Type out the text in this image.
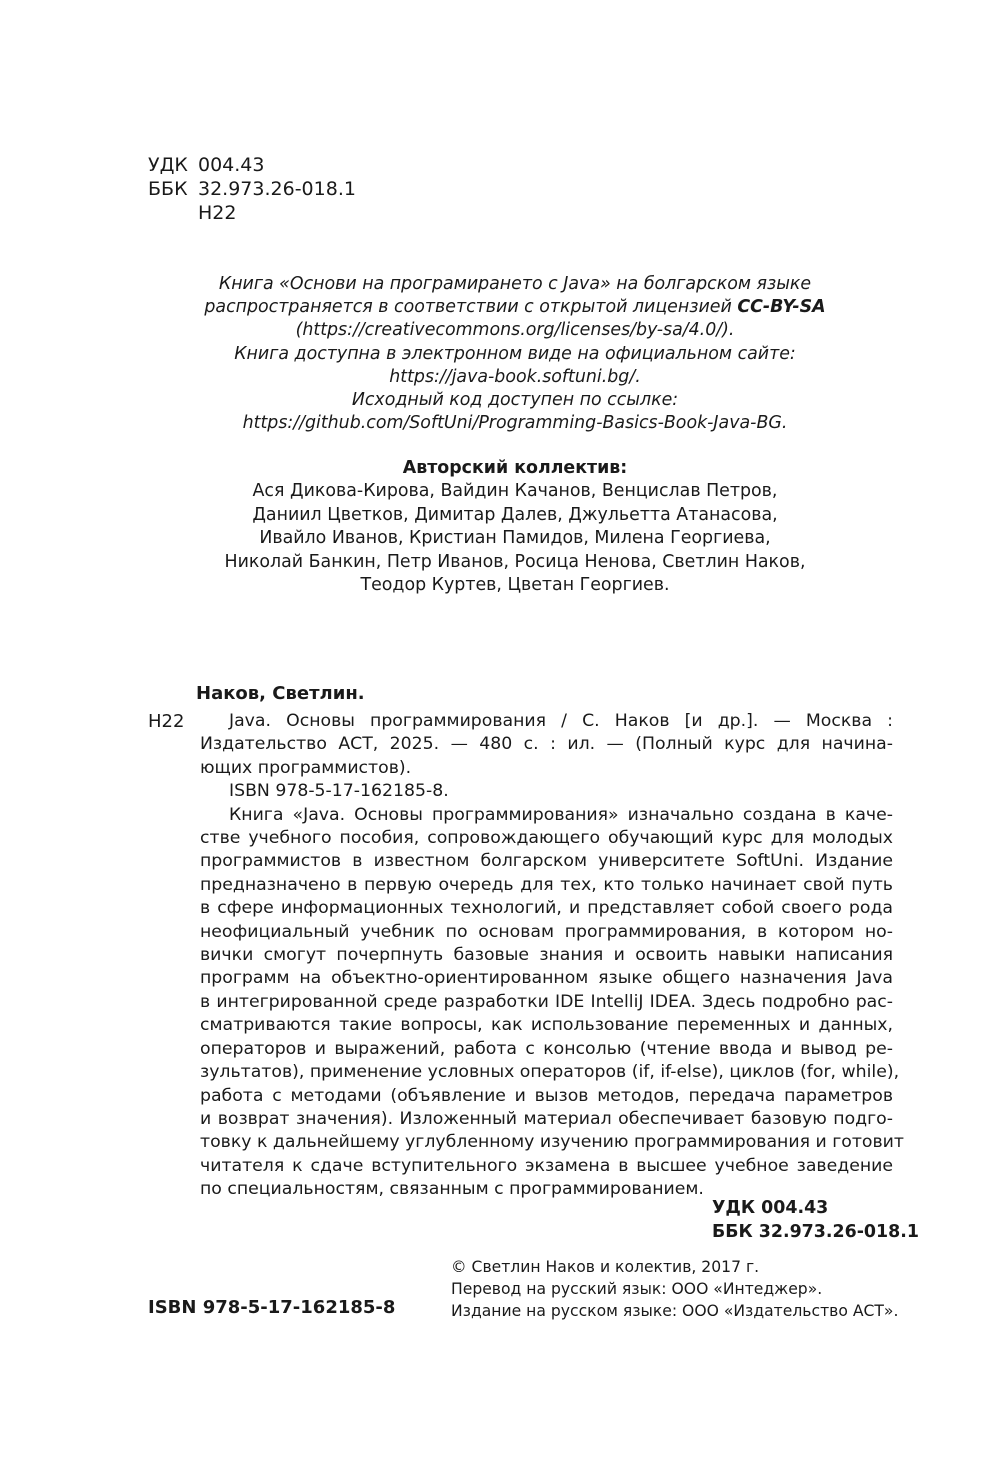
УДК 004.43
ББК 32.973.26-018.1
Н22
Книга «Основи на програмирането с Java» на болгарском языке
распространяется в соответствии с открытой лицензией CC-BY-SA
(https://creativecommons.org/licenses/by-sa/4.0/).
Книга доступна в электронном виде на официальном сайте:
https://java-book.softuni.bg/.
Исходный код доступен по ссылке:
https://github.com/SoftUni/Programming-Basics-Book-Java-BG.
Авторский коллектив:
Ася Дикова-Кирова, Вайдин Качанов, Венцислав Петров,
Даниил Цветков, Димитар Далев, Джульетта Атанасова,
Ивайло Иванов, Кристиан Памидов, Милена Георгиева,
Николай Банкин, Петр Иванов, Росица Ненова, Светлин Наков,
Теодор Куртев, Цветан Георгиев.
Наков, Светлин.
Н22	Java. Основы программирования / С. Наков [и др.]. — Москва :
Издательство АСТ, 2025. — 480 с. : ил. — (Полный курс для начина-
ющих программистов).
ISBN 978-5-17-162185-8.
Книга «Java. Основы программирования» изначально создана в каче-
стве учебного пособия, сопровождающего обучающий курс для молодых
программистов в известном болгарском университете SoftUni. Издание
предназначено в первую очередь для тех, кто только начинает свой путь
в сфере информационных технологий, и представляет собой своего рода
неофициальный учебник по основам программирования, в котором но-
вички смогут почерпнуть базовые знания и освоить навыки написания
программ на объектно-ориентированном языке общего назначения Java
в интегрированной среде разработки IDE IntelliJ IDEA. Здесь подробно рас-
сматриваются такие вопросы, как использование переменных и данных,
операторов и выражений, работа с консолью (чтение ввода и вывод ре-
зультатов), применение условных операторов (if, if-else), циклов (for, while),
работа с методами (объявление и вызов методов, передача параметров
и возврат значения). Изложенный материал обеспечивает базовую подго-
товку к дальнейшему углубленному изучению программирования и готовит
читателя к сдаче вступительного экзамена в высшее учебное заведение
по специальностям, связанным с программированием.
УДК 004.43
ББК 32.973.26-018.1
© Светлин Наков и колектив, 2017 г.
Перевод на русский язык: ООО «Интеджер».
Издание на русском языке: ООО «Издательство АСТ».
ISBN 978-5-17-162185-8
